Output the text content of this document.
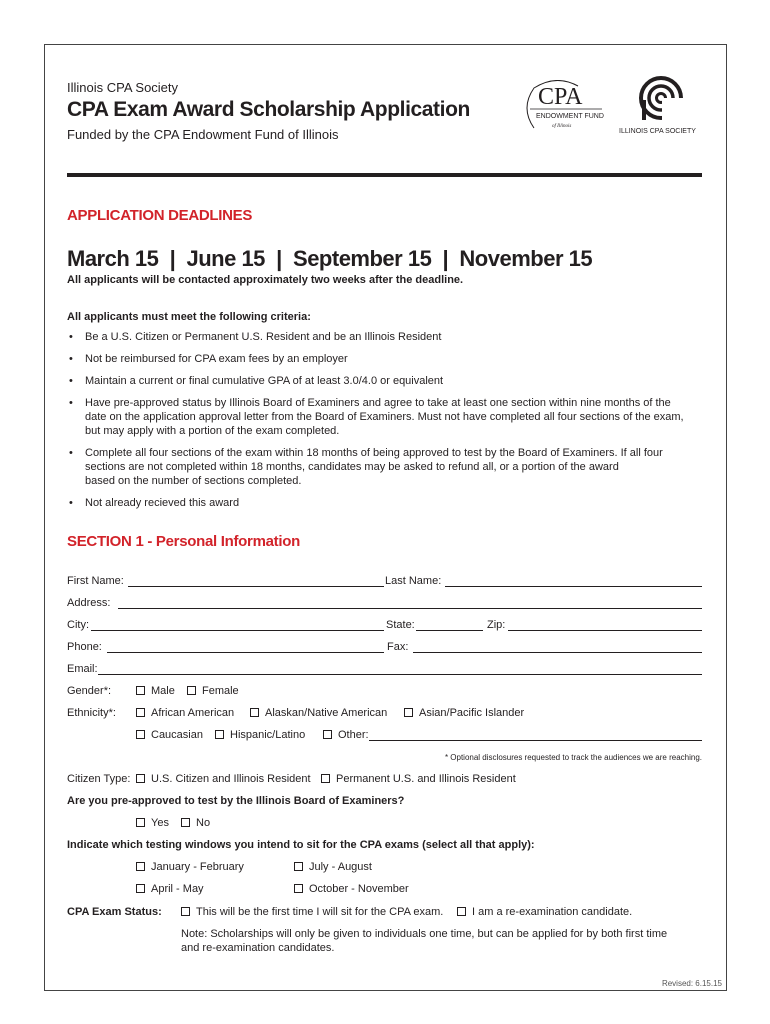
Illinois CPA Society
CPA Exam Award Scholarship Application
Funded by the CPA Endowment Fund of Illinois
CPA
ENDOWMENT FUND
of Illinois
ILLINOIS CPA SOCIETY
APPLICATION DEADLINES
March 15  |  June 15  |  September 15  |  November 15
All applicants will be contacted approximately two weeks after the deadline.
All applicants must meet the following criteria:
• Be a U.S. Citizen or Permanent U.S. Resident and be an Illinois Resident
• Not be reimbursed for CPA exam fees by an employer
• Maintain a current or final cumulative GPA of at least 3.0/4.0 or equivalent
• Have pre-approved status by Illinois Board of Examiners and agree to take at least one section within nine months of the
date on the application approval letter from the Board of Examiners. Must not have completed all four sections of the exam,
but may apply with a portion of the exam completed.
• Complete all four sections of the exam within 18 months of being approved to test by the Board of Examiners. If all four
sections are not completed within 18 months, candidates may be asked to refund all, or a portion of the award
based on the number of sections completed.
• Not already recieved this award
SECTION 1 - Personal Information
First Name:	Last Name:
Address:
City:	State:	Zip:
Phone:	Fax:
Email:
Gender*:	Male	Female
Ethnicity*:	African American	Alaskan/Native American	Asian/Pacific Islander
Caucasian	Hispanic/Latino	Other:
* Optional disclosures requested to track the audiences we are reaching.
Citizen Type:	U.S. Citizen and Illinois Resident	Permanent U.S. and Illinois Resident
Are you pre-approved to test by the Illinois Board of Examiners?
Yes	No
Indicate which testing windows you intend to sit for the CPA exams (select all that apply):
January - February	July - August
April - May	October - November
CPA Exam Status:	This will be the first time I will sit for the CPA exam.	I am a re-examination candidate.
Note: Scholarships will only be given to individuals one time, but can be applied for by both first time
and re-examination candidates.
Revised: 6.15.15
